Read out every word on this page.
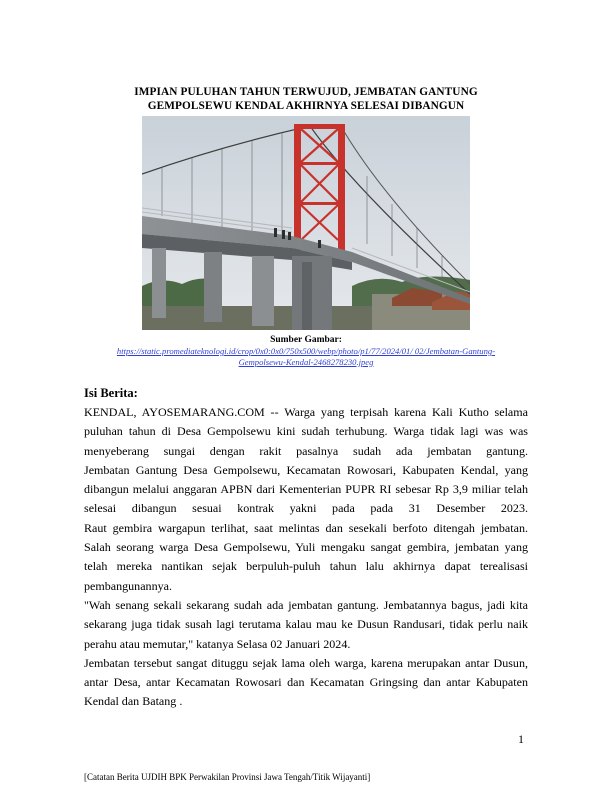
IMPIAN PULUHAN TAHUN TERWUJUD, JEMBATAN GANTUNG
GEMPOLSEWU KENDAL AKHIRNYA SELESAI DIBANGUN
Sumber Gambar:
https://static.promediateknologi.id/crop/0x0:0x0/750x500/webp/photo/p1/77/2024/01/ 02/Jembatan-Gantung-
Gempolsewu-Kendal-2468278230.jpeg
Isi Berita:

KENDAL, AYOSEMARANG.COM -- Warga yang terpisah karena Kali Kutho selama puluhan tahun di Desa Gempolsewu kini sudah terhubung. Warga tidak lagi was was menyeberang sungai dengan rakit pasalnya sudah ada jembatan gantung.

Jembatan Gantung Desa Gempolsewu, Kecamatan Rowosari, Kabupaten Kendal, yang dibangun melalui anggaran APBN dari Kementerian PUPR RI sebesar Rp 3,9 miliar telah selesai dibangun sesuai kontrak yakni pada pada 31 Desember 2023.

Raut gembira wargapun terlihat, saat melintas dan sesekali berfoto ditengah jembatan. Salah seorang warga Desa Gempolsewu, Yuli mengaku sangat gembira, jembatan yang telah mereka nantikan sejak berpuluh-puluh tahun lalu akhirnya dapat terealisasi pembangunannya.

"Wah senang sekali sekarang sudah ada jembatan gantung. Jembatannya bagus, jadi kita sekarang juga tidak susah lagi terutama kalau mau ke Dusun Randusari, tidak perlu naik perahu atau memutar," katanya Selasa 02 Januari 2024.

Jembatan tersebut sangat dituggu sejak lama oleh warga, karena merupakan antar Dusun, antar Desa, antar Kecamatan Rowosari dan Kecamatan Gringsing dan antar Kabupaten Kendal dan Batang .

1
[Catatan Berita UJDIH BPK Perwakilan Provinsi Jawa Tengah/Titik Wijayanti]
